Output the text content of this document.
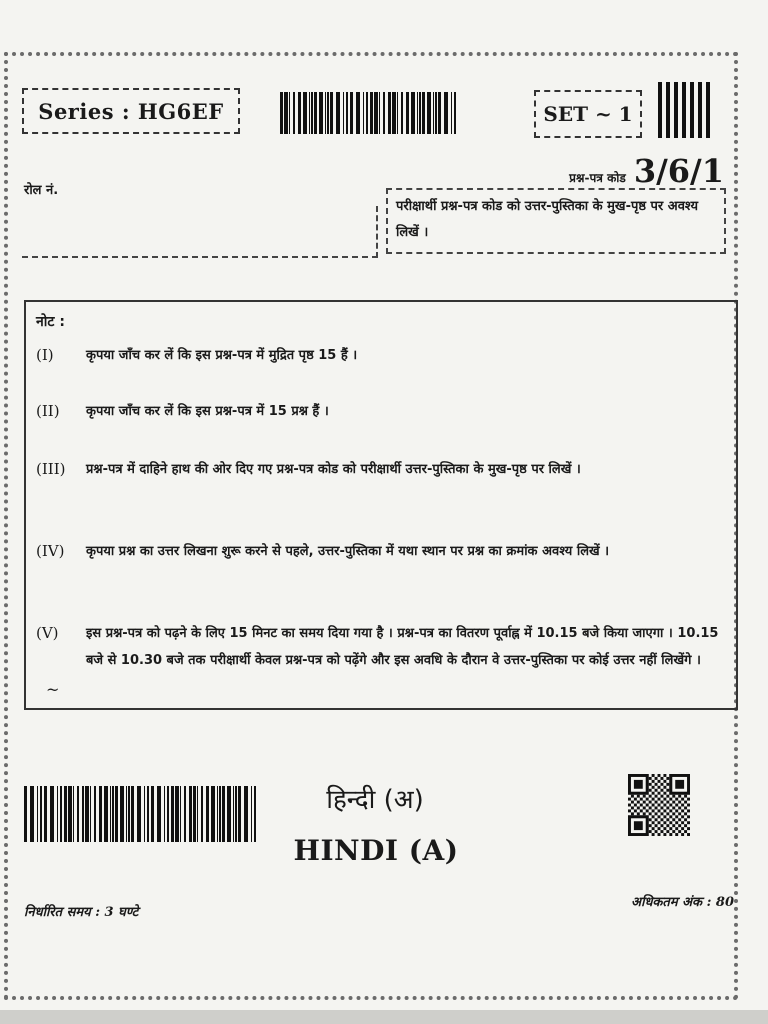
Series : HG6EF	SET ~ 1
प्रश्न-पत्र कोड 3/6/1
रोल नं.
परीक्षार्थी प्रश्न-पत्र कोड को उत्तर-पुस्तिका के मुख-पृष्ठ पर अवश्य लिखें ।
नोट :
(I)	कृपया जाँच कर लें कि इस प्रश्न-पत्र में मुद्रित पृष्ठ 15 हैं ।
(II)	कृपया जाँच कर लें कि इस प्रश्न-पत्र में 15 प्रश्न हैं ।
(III)	प्रश्न-पत्र में दाहिने हाथ की ओर दिए गए प्रश्न-पत्र कोड को परीक्षार्थी उत्तर-पुस्तिका के मुख-पृष्ठ पर लिखें ।
(IV)	कृपया प्रश्न का उत्तर लिखना शुरू करने से पहले, उत्तर-पुस्तिका में यथा स्थान पर प्रश्न का क्रमांक अवश्य लिखें ।
(V)	इस प्रश्न-पत्र को पढ़ने के लिए 15 मिनट का समय दिया गया है । प्रश्न-पत्र का वितरण पूर्वाह्न में 10.15 बजे किया जाएगा । 10.15 बजे से 10.30 बजे तक परीक्षार्थी केवल प्रश्न-पत्र को पढ़ेंगे और इस अवधि के दौरान वे उत्तर-पुस्तिका पर कोई उत्तर नहीं लिखेंगे ।
~
हिन्दी (अ)
HINDI (A)
निर्धारित समय : 3 घण्टे
अधिकतम अंक : 80
